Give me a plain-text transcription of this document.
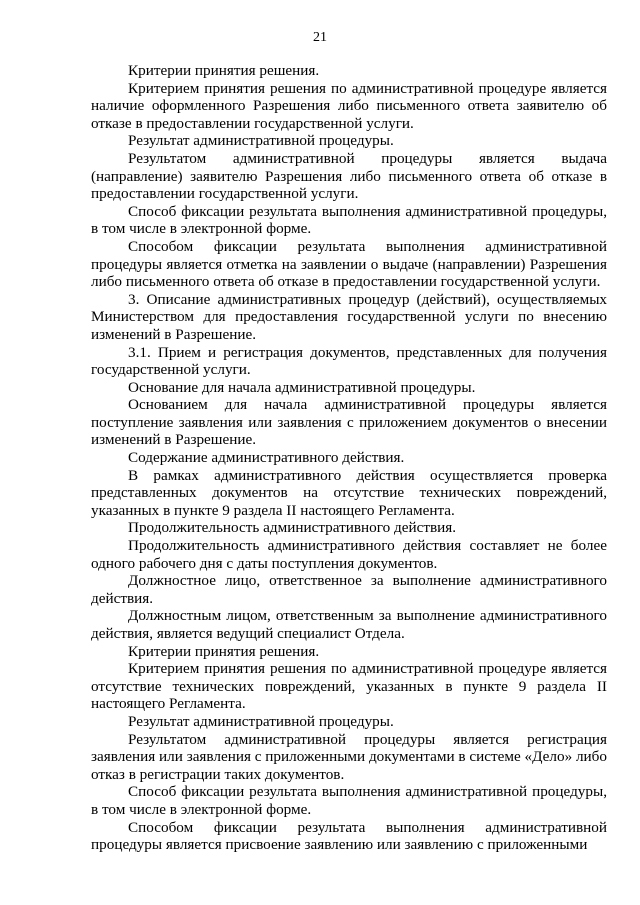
21

Критерии принятия решения.

Критерием принятия решения по административной процедуре является наличие оформленного Разрешения либо письменного ответа заявителю об отказе в предоставлении государственной услуги.

Результат административной процедуры.

Результатом административной процедуры является выдача (направление) заявителю Разрешения либо письменного ответа об отказе в предоставлении государственной услуги.

Способ фиксации результата выполнения административной процедуры, в том числе в электронной форме.

Способом фиксации результата выполнения административной процедуры является отметка на заявлении о выдаче (направлении) Разрешения либо письменного ответа об отказе в предоставлении государственной услуги.

3. Описание административных процедур (действий), осуществляемых Министерством для предоставления государственной услуги по внесению изменений в Разрешение.

3.1. Прием и регистрация документов, представленных для получения государственной услуги.

Основание для начала административной процедуры.

Основанием для начала административной процедуры является поступление заявления или заявления с приложением документов о внесении изменений в Разрешение.

Содержание административного действия.

В рамках административного действия осуществляется проверка представленных документов на отсутствие технических повреждений, указанных в пункте 9 раздела II настоящего Регламента.

Продолжительность административного действия.

Продолжительность административного действия составляет не более одного рабочего дня с даты поступления документов.

Должностное лицо, ответственное за выполнение административного действия.

Должностным лицом, ответственным за выполнение административного действия, является ведущий специалист Отдела.

Критерии принятия решения.

Критерием принятия решения по административной процедуре является отсутствие технических повреждений, указанных в пункте 9 раздела II настоящего Регламента.

Результат административной процедуры.

Результатом административной процедуры является регистрация заявления или заявления с приложенными документами в системе «Дело» либо отказ в регистрации таких документов.

Способ фиксации результата выполнения административной процедуры, в том числе в электронной форме.

Способом фиксации результата выполнения административной процедуры является присвоение заявлению или заявлению с приложенными
